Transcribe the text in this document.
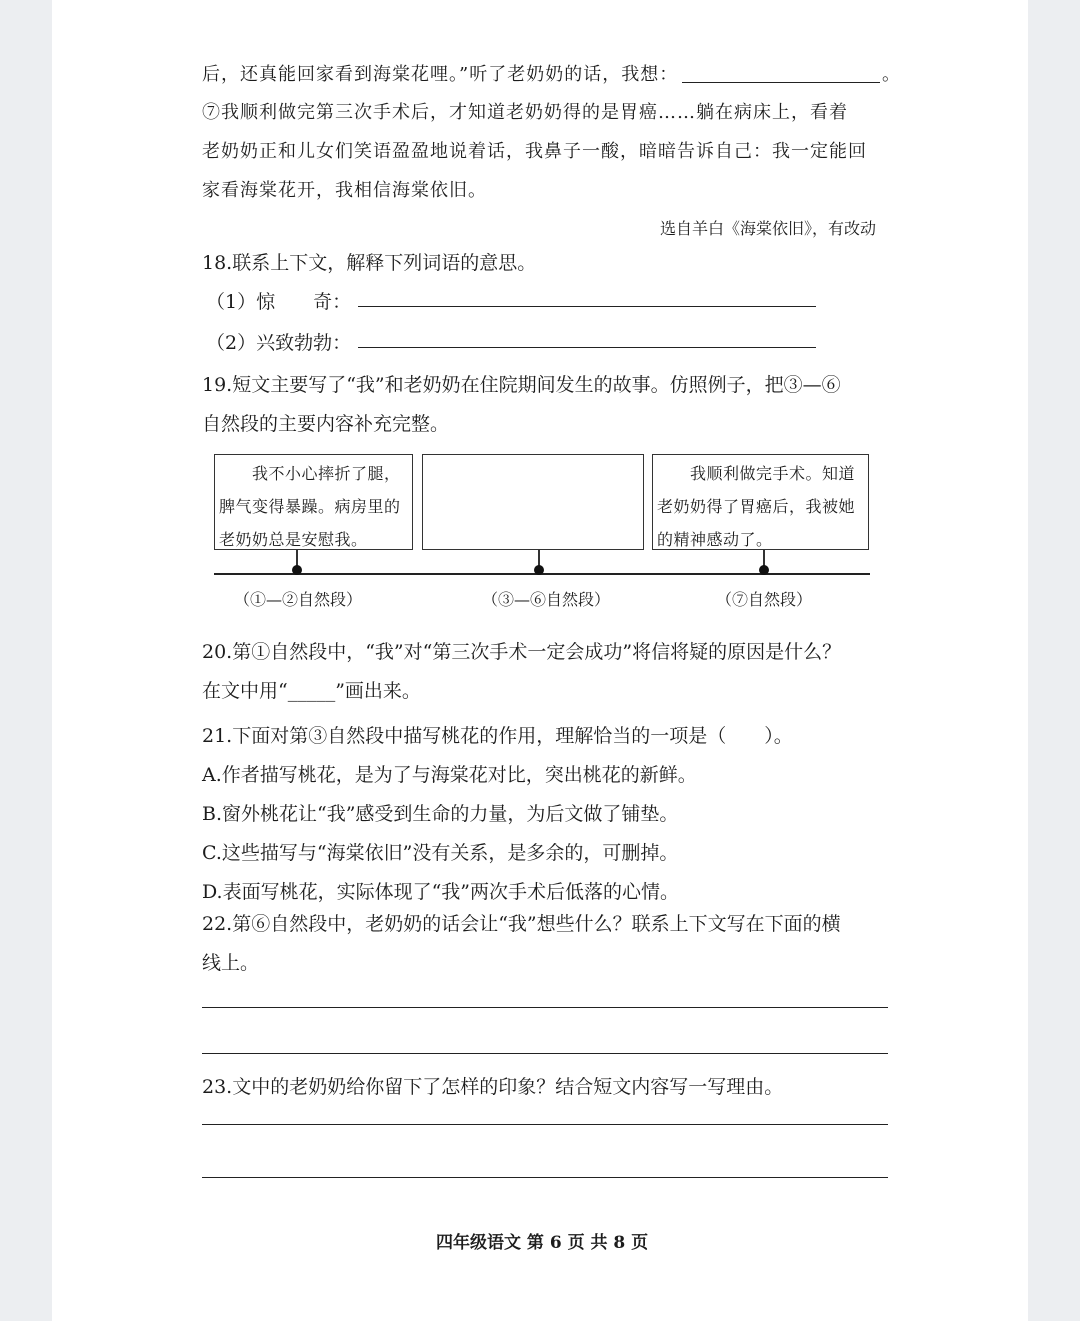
后，还真能回家看到海棠花哩。”听了老奶奶的话，我想：	。
⑦我顺利做完第三次手术后，才知道老奶奶得的是胃癌……躺在病床上，看着
老奶奶正和儿女们笑语盈盈地说着话，我鼻子一酸，暗暗告诉自己：我一定能回
家看海棠花开，我相信海棠依旧。
选自羊白《海棠依旧》，有改动
18.联系上下文，解释下列词语的意思。
（1）惊　　奇：
（2）兴致勃勃：
19.短文主要写了“我”和老奶奶在住院期间发生的故事。仿照例子，把③—⑥
自然段的主要内容补充完整。
　　我不小心摔折了腿，脾气变得暴躁。病房里的老奶奶总是安慰我。
　　我顺利做完手术。知道老奶奶得了胃癌后，我被她的精神感动了。
（①—②自然段）	（③—⑥自然段）	（⑦自然段）
20.第①自然段中，“我”对“第三次手术一定会成功”将信将疑的原因是什么？
在文中用“_____”画出来。
21.下面对第③自然段中描写桃花的作用，理解恰当的一项是（　　）。
A.作者描写桃花，是为了与海棠花对比，突出桃花的新鲜。
B.窗外桃花让“我”感受到生命的力量，为后文做了铺垫。
C.这些描写与“海棠依旧”没有关系，是多余的，可删掉。
D.表面写桃花，实际体现了“我”两次手术后低落的心情。
22.第⑥自然段中，老奶奶的话会让“我”想些什么？联系上下文写在下面的横
线上。
23.文中的老奶奶给你留下了怎样的印象？结合短文内容写一写理由。
四年级语文 第 6 页 共 8 页
